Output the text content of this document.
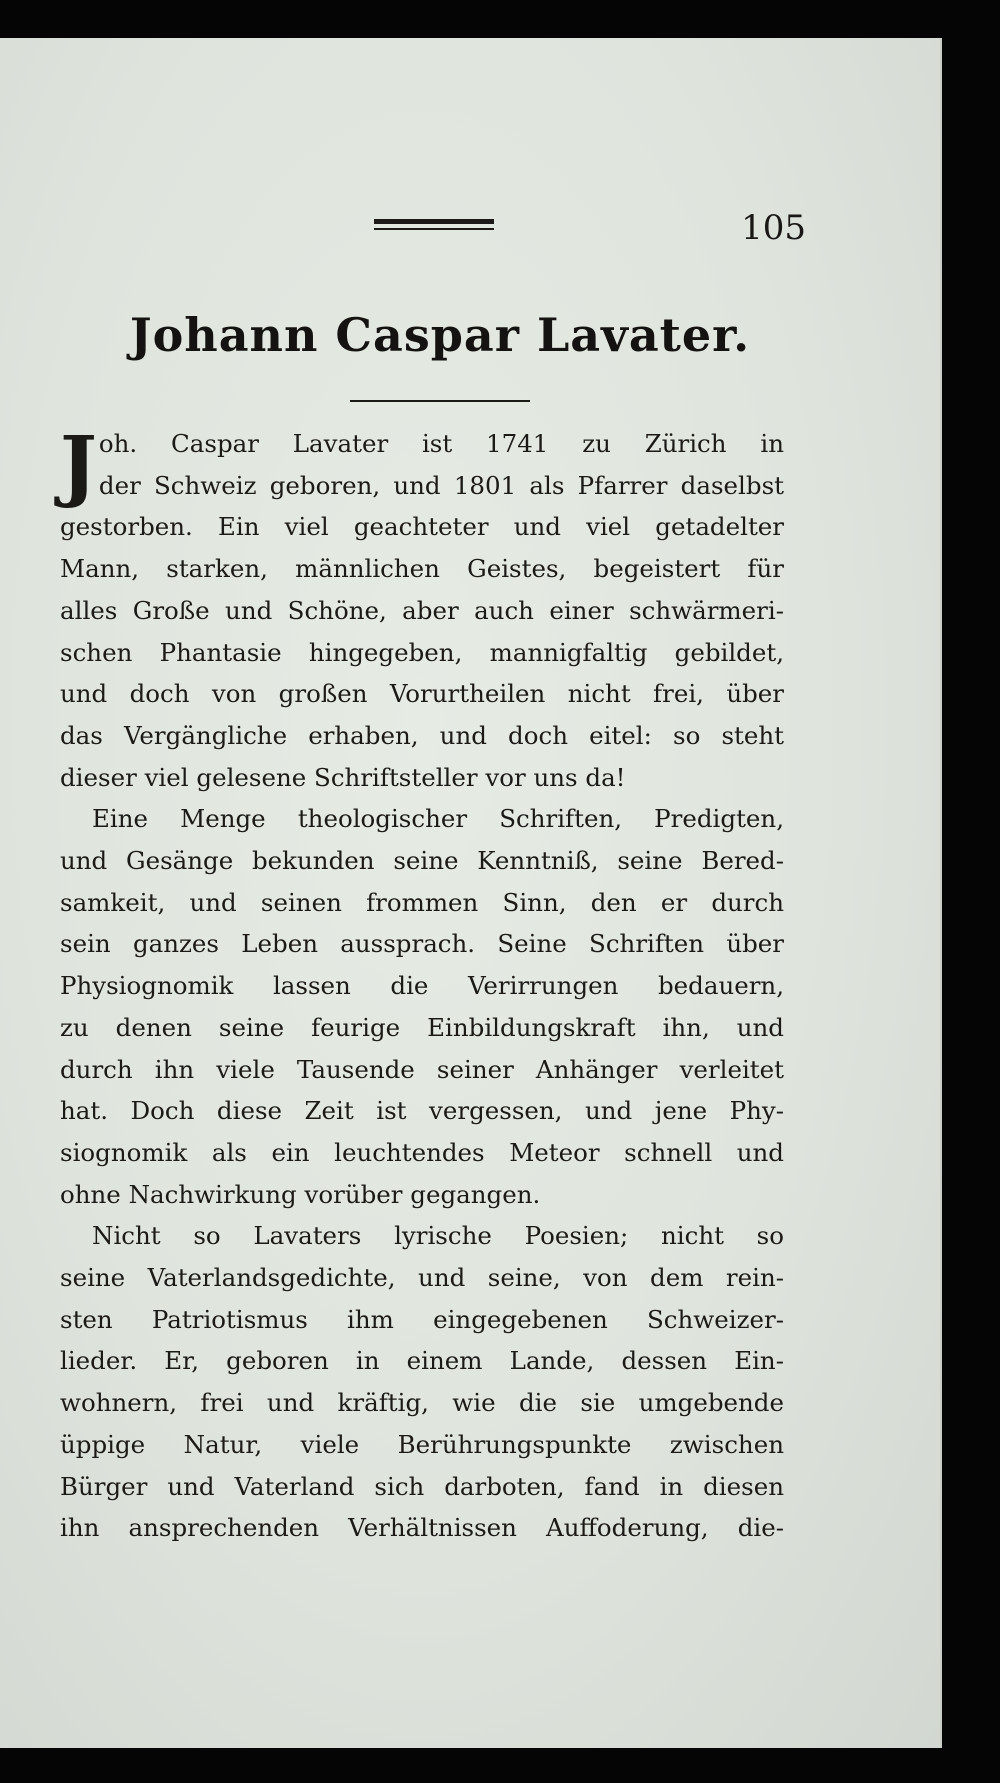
105
Johann Caspar Lavater.
Joh. Caspar Lavater ist 1741 zu Zürich in
der Schweiz geboren, und 1801 als Pfarrer daselbst
gestorben. Ein viel geachteter und viel getadelter
Mann, starken, männlichen Geistes, begeistert für
alles Große und Schöne, aber auch einer schwärmeri-
schen Phantasie hingegeben, mannigfaltig gebildet,
und doch von großen Vorurtheilen nicht frei, über
das Vergängliche erhaben, und doch eitel: so steht
dieser viel gelesene Schriftsteller vor uns da!
Eine Menge theologischer Schriften, Predigten,
und Gesänge bekunden seine Kenntniß, seine Bered-
samkeit, und seinen frommen Sinn, den er durch
sein ganzes Leben aussprach. Seine Schriften über
Physiognomik lassen die Verirrungen bedauern,
zu denen seine feurige Einbildungskraft ihn, und
durch ihn viele Tausende seiner Anhänger verleitet
hat. Doch diese Zeit ist vergessen, und jene Phy-
siognomik als ein leuchtendes Meteor schnell und
ohne Nachwirkung vorüber gegangen.
Nicht so Lavaters lyrische Poesien; nicht so
seine Vaterlandsgedichte, und seine, von dem rein-
sten Patriotismus ihm eingegebenen Schweizer-
lieder. Er, geboren in einem Lande, dessen Ein-
wohnern, frei und kräftig, wie die sie umgebende
üppige Natur, viele Berührungspunkte zwischen
Bürger und Vaterland sich darboten, fand in diesen
ihn ansprechenden Verhältnissen Auffoderung, die-
